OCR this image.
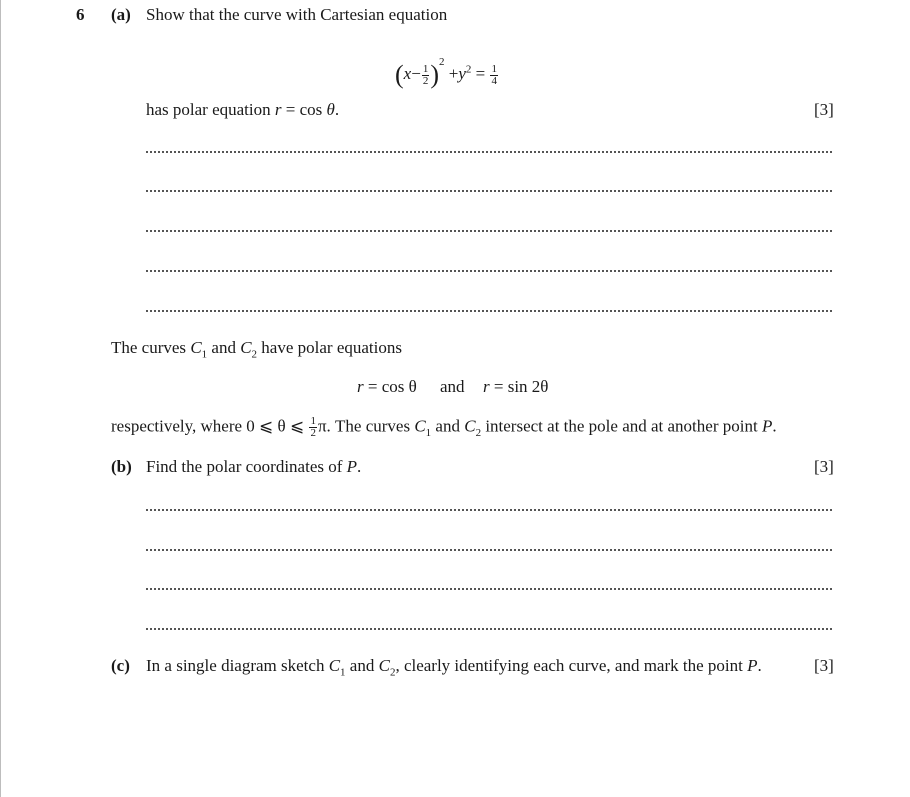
6 (a) Show that the curve with Cartesian equation
$(x- \frac{1}{2} )^2 +y^2 = \frac{1}{4}$
has polar equation r = cos θ.	[3]
The curves $C_1$ and $C_2$ have polar equations
r = cos θ and r = sin 2θ
respectively, where 0 ⩽ θ ⩽ $\frac{1}{2} \pi$. The curves $C_1$ and $C_2$ intersect at the pole and at another point P.
(b) Find the polar coordinates of P.	[3]
(c) In a single diagram sketch $C_1$ and $C_2$, clearly identifying each curve, and mark the point P.	[3]
